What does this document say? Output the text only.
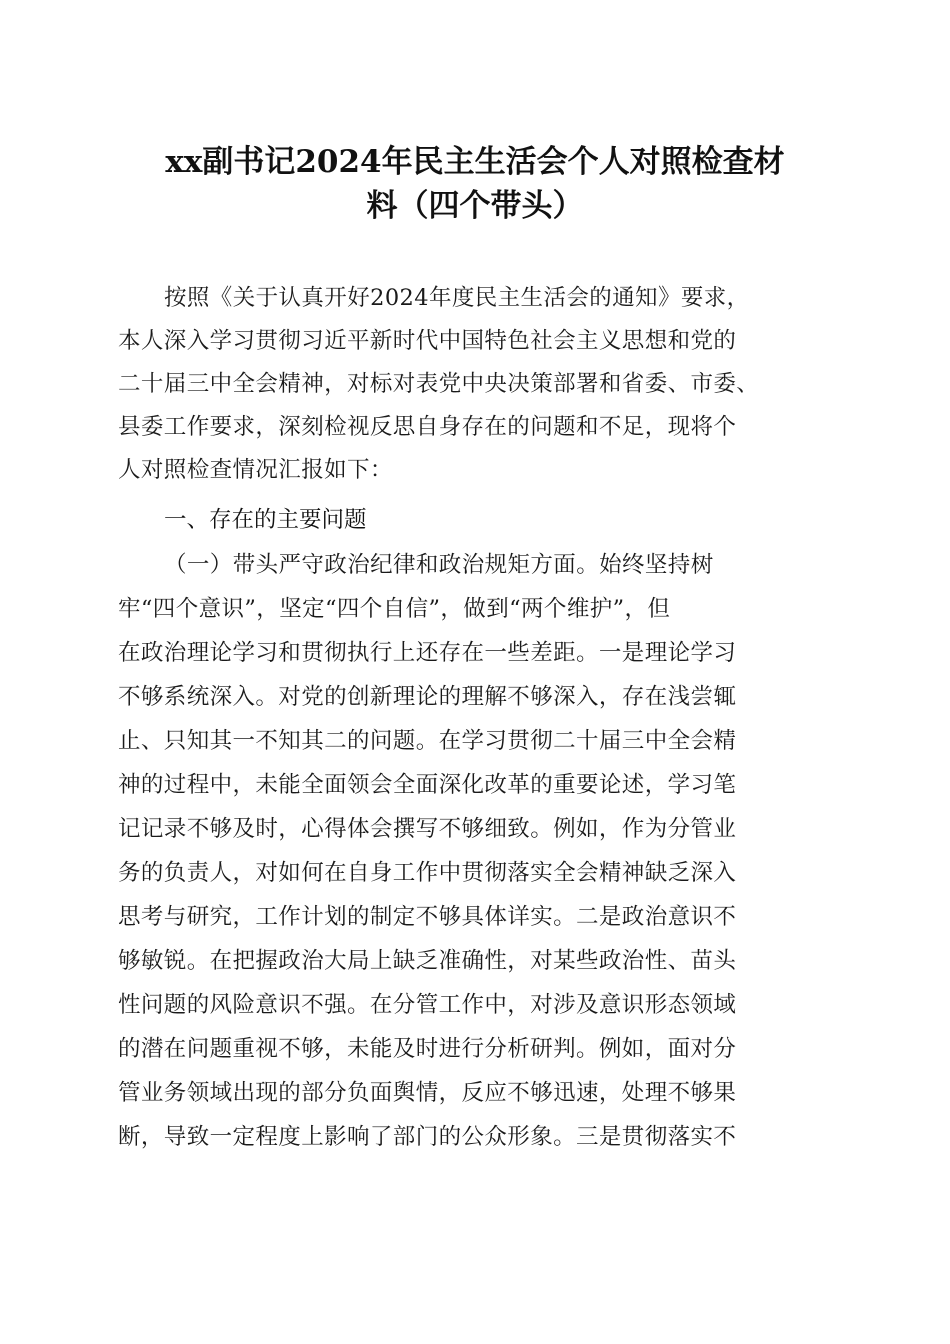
xx副书记2024年民主生活会个人对照检查材
料（四个带头）
按照《关于认真开好2024年度民主生活会的通知》要求，
本人深入学习贯彻习近平新时代中国特色社会主义思想和党的
二十届三中全会精神，对标对表党中央决策部署和省委、市委、
县委工作要求，深刻检视反思自身存在的问题和不足，现将个
人对照检查情况汇报如下：
一、存在的主要问题
（一）带头严守政治纪律和政治规矩方面。始终坚持树
牢“四个意识”，坚定“四个自信”，做到“两个维护”，但
在政治理论学习和贯彻执行上还存在一些差距。一是理论学习
不够系统深入。对党的创新理论的理解不够深入，存在浅尝辄
止、只知其一不知其二的问题。在学习贯彻二十届三中全会精
神的过程中，未能全面领会全面深化改革的重要论述，学习笔
记记录不够及时，心得体会撰写不够细致。例如，作为分管业
务的负责人，对如何在自身工作中贯彻落实全会精神缺乏深入
思考与研究，工作计划的制定不够具体详实。二是政治意识不
够敏锐。在把握政治大局上缺乏准确性，对某些政治性、苗头
性问题的风险意识不强。在分管工作中，对涉及意识形态领域
的潜在问题重视不够，未能及时进行分析研判。例如，面对分
管业务领域出现的部分负面舆情，反应不够迅速，处理不够果
断，导致一定程度上影响了部门的公众形象。三是贯彻落实不
